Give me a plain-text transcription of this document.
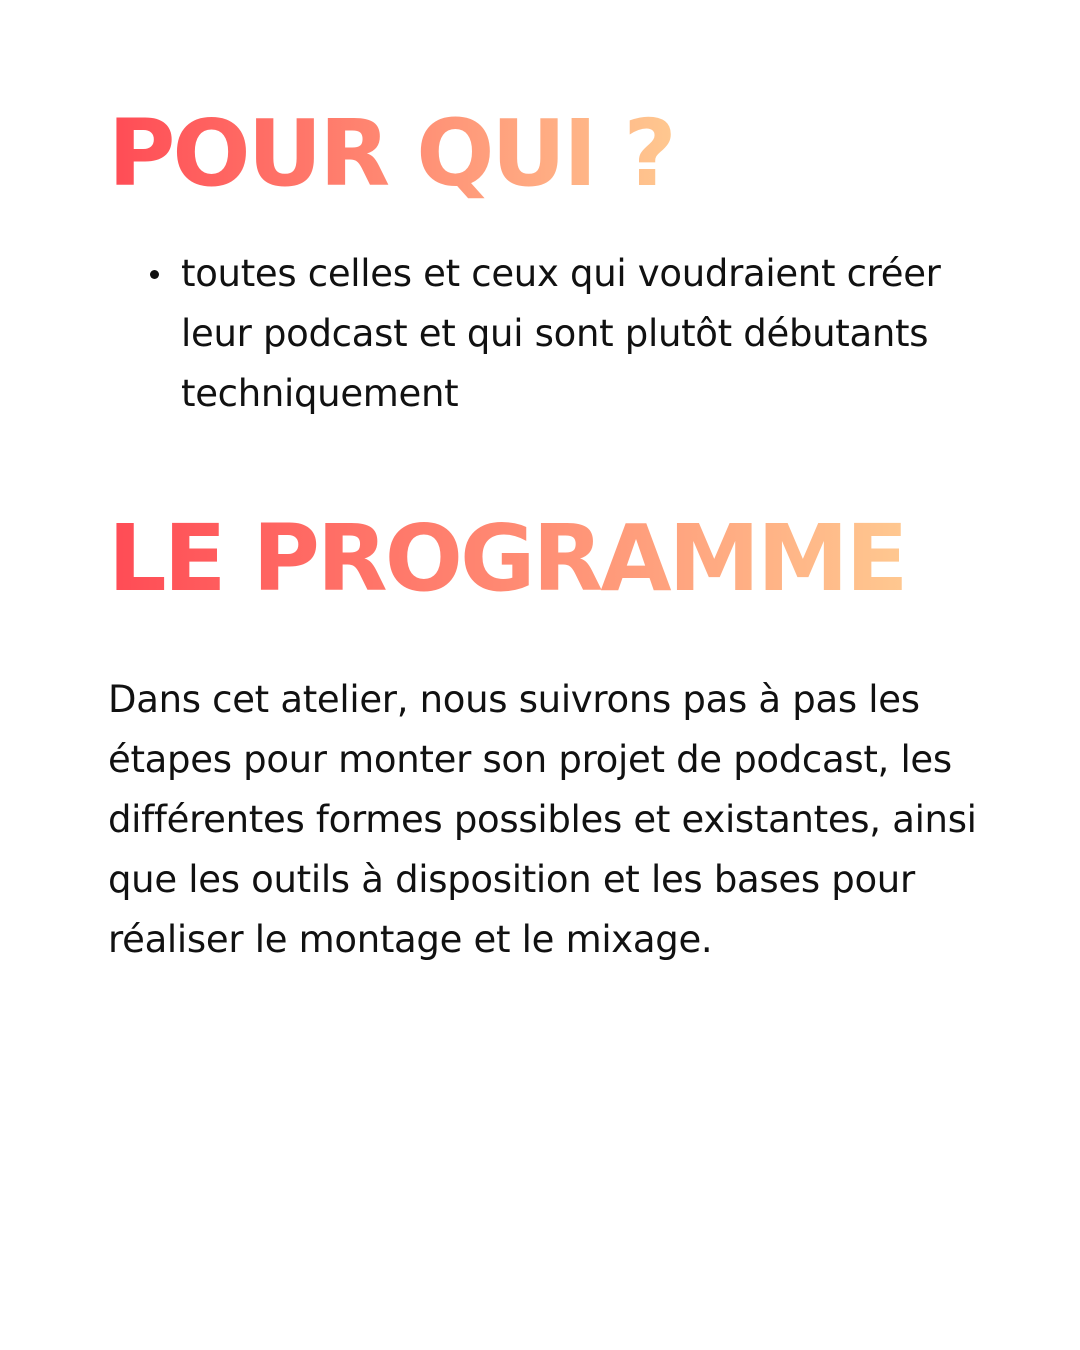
POUR QUI ?
toutes celles et ceux qui voudraient créer leur podcast et qui sont plutôt débutants techniquement
LE PROGRAMME

Dans cet atelier, nous suivrons pas à pas les étapes pour monter son projet de podcast, les différentes formes possibles et existantes, ainsi que les outils à disposition et les bases pour réaliser le montage et le mixage.
